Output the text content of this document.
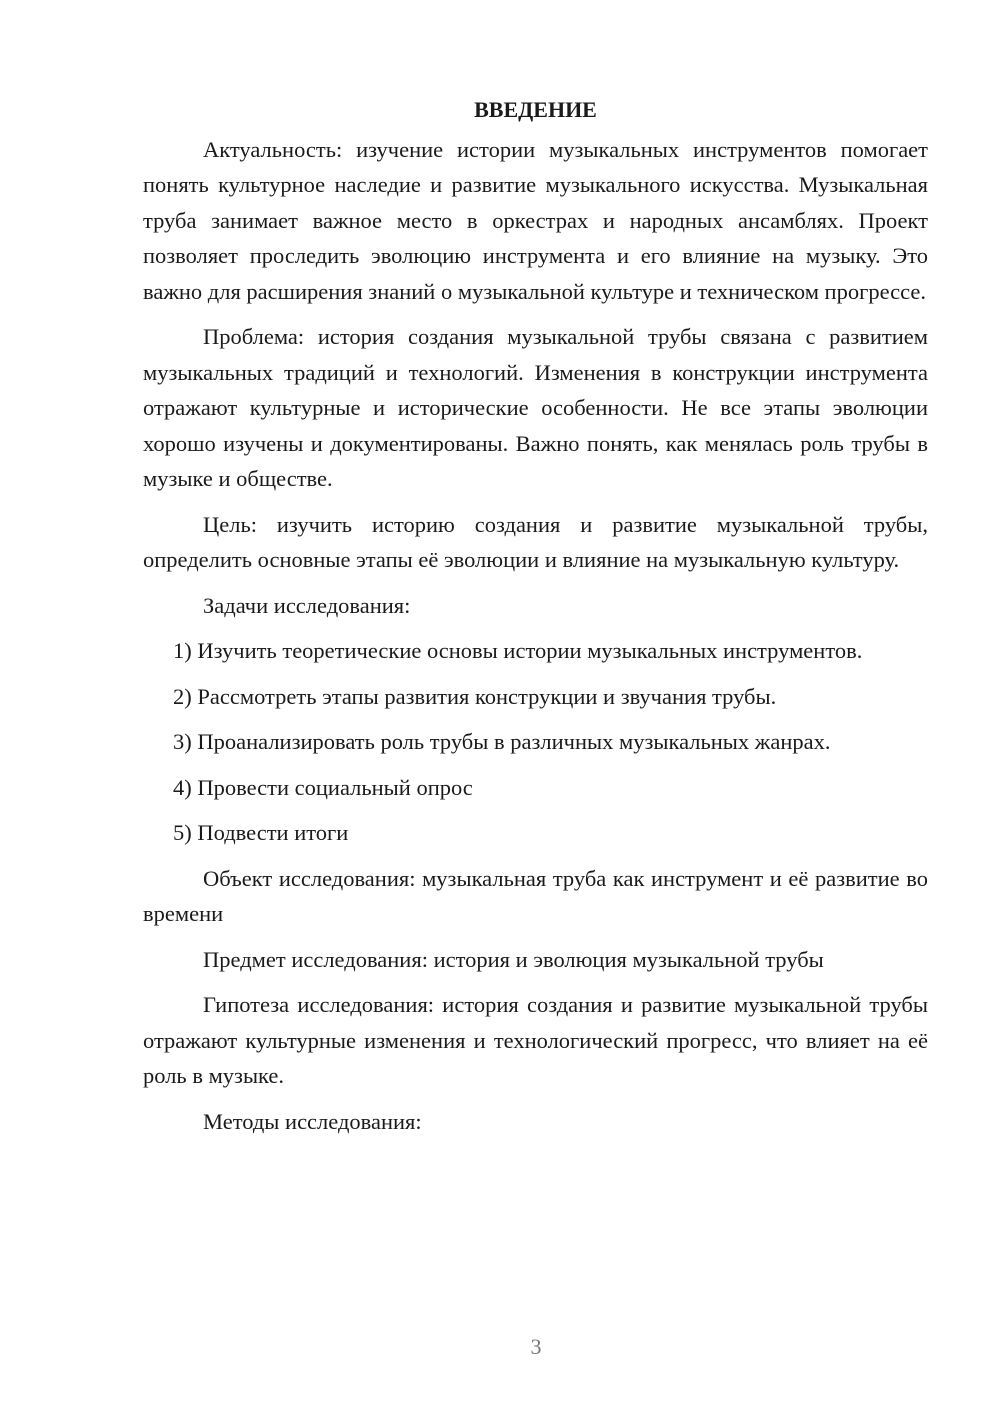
ВВЕДЕНИЕ

Актуальность: изучение истории музыкальных инструментов помогает понять культурное наследие и развитие музыкального искусства. Музыкальная труба занимает важное место в оркестрах и народных ансамблях. Проект позволяет проследить эволюцию инструмента и его влияние на музыку. Это важно для расширения знаний о музыкальной культуре и техническом прогрессе.

Проблема: история создания музыкальной трубы связана с развитием музыкальных традиций и технологий. Изменения в конструкции инструмента отражают культурные и исторические особенности. Не все этапы эволюции хорошо изучены и документированы. Важно понять, как менялась роль трубы в музыке и обществе.

Цель: изучить историю создания и развитие музыкальной трубы, определить основные этапы её эволюции и влияние на музыкальную культуру.

Задачи исследования:

1) Изучить теоретические основы истории музыкальных инструментов.

2) Рассмотреть этапы развития конструкции и звучания трубы.

3) Проанализировать роль трубы в различных музыкальных жанрах.

4) Провести социальный опрос

5) Подвести итоги

Объект исследования: музыкальная труба как инструмент и её развитие во времени

Предмет исследования: история и эволюция музыкальной трубы

Гипотеза исследования: история создания и развитие музыкальной трубы отражают культурные изменения и технологический прогресс, что влияет на её роль в музыке.

Методы исследования:

3
